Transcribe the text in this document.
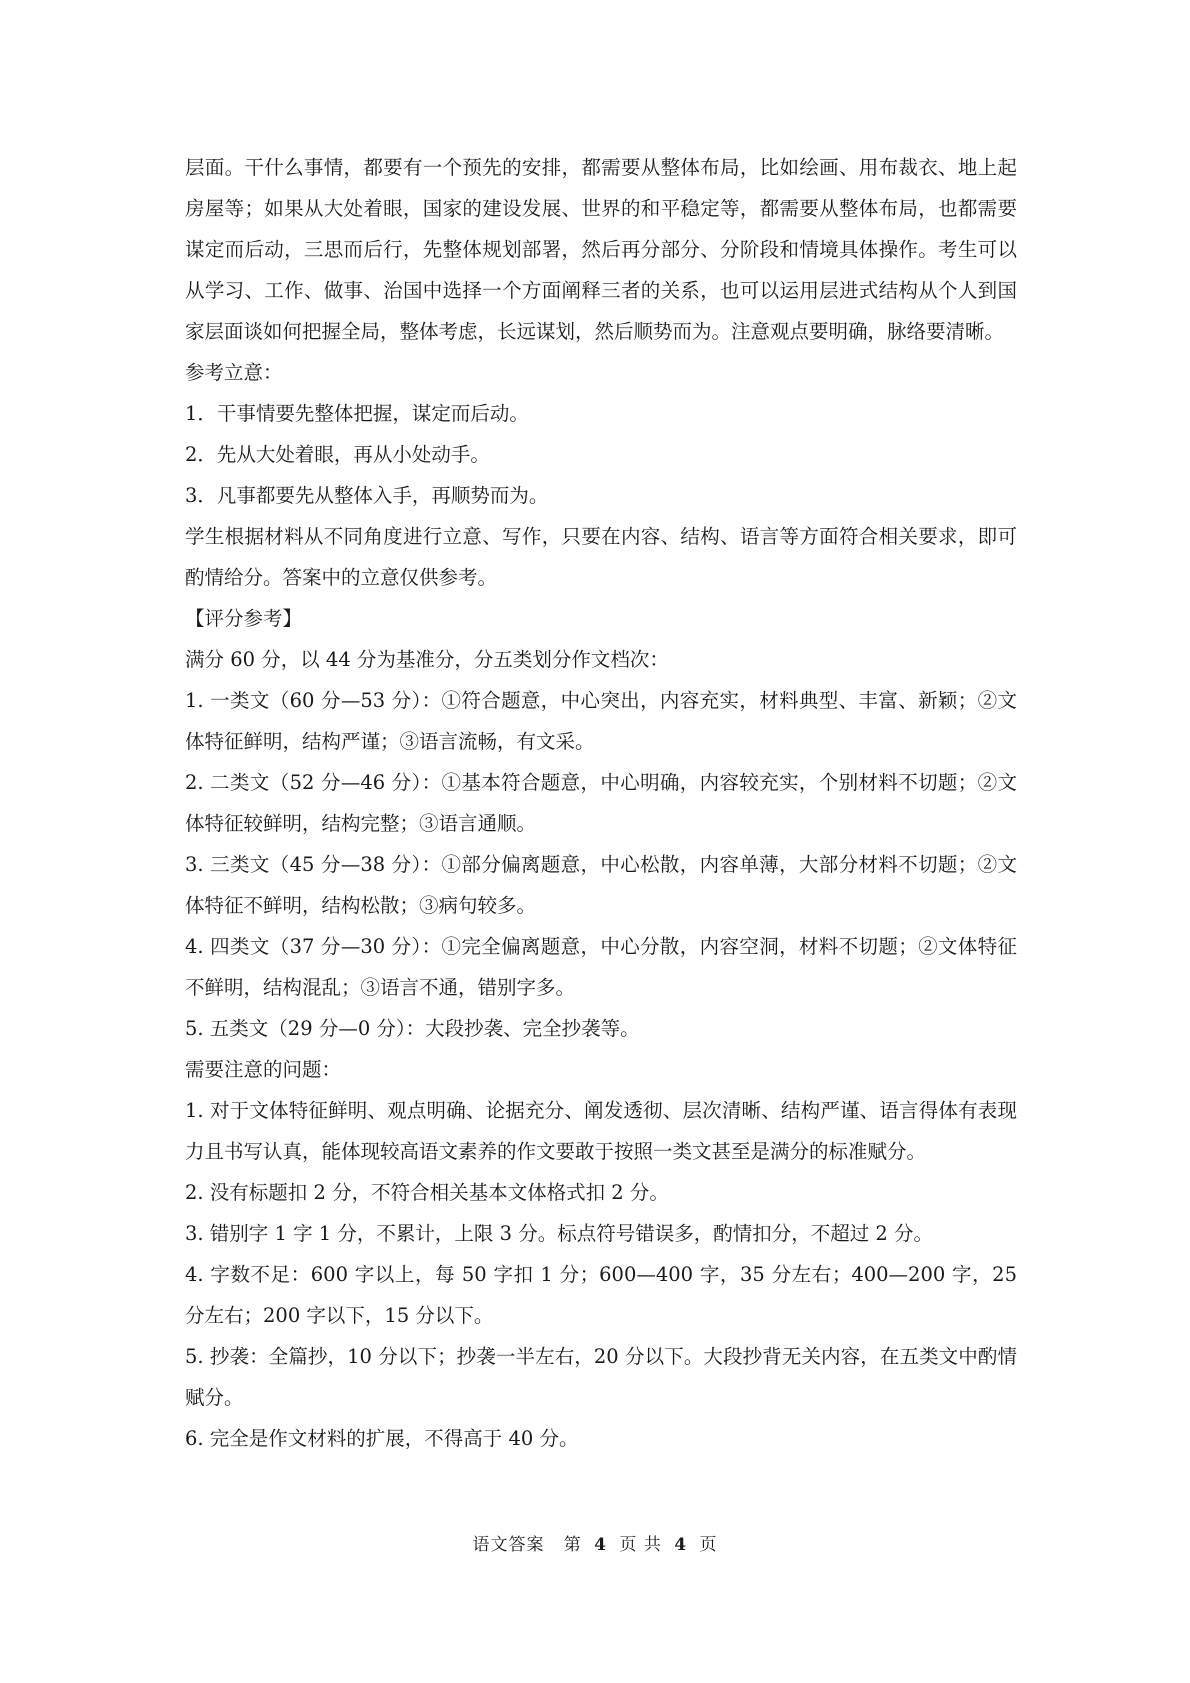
层面。干什么事情，都要有一个预先的安排，都需要从整体布局，比如绘画、用布裁衣、地上起房屋等；如果从大处着眼，国家的建设发展、世界的和平稳定等，都需要从整体布局，也都需要谋定而后动，三思而后行，先整体规划部署，然后再分部分、分阶段和情境具体操作。考生可以从学习、工作、做事、治国中选择一个方面阐释三者的关系，也可以运用层进式结构从个人到国家层面谈如何把握全局，整体考虑，长远谋划，然后顺势而为。注意观点要明确，脉络要清晰。

参考立意：

1．干事情要先整体把握，谋定而后动。

2．先从大处着眼，再从小处动手。

3．凡事都要先从整体入手，再顺势而为。

学生根据材料从不同角度进行立意、写作，只要在内容、结构、语言等方面符合相关要求，即可酌情给分。答案中的立意仅供参考。

【评分参考】

满分 60 分，以 44 分为基准分，分五类划分作文档次：

1. 一类文（60 分—53 分）：①符合题意，中心突出，内容充实，材料典型、丰富、新颖；②文体特征鲜明，结构严谨；③语言流畅，有文采。

2. 二类文（52 分—46 分）：①基本符合题意，中心明确，内容较充实，个别材料不切题；②文体特征较鲜明，结构完整；③语言通顺。

3. 三类文（45 分—38 分）：①部分偏离题意，中心松散，内容单薄，大部分材料不切题；②文体特征不鲜明，结构松散；③病句较多。

4. 四类文（37 分—30 分）：①完全偏离题意，中心分散，内容空洞，材料不切题；②文体特征不鲜明，结构混乱；③语言不通，错别字多。

5. 五类文（29 分—0 分）：大段抄袭、完全抄袭等。

需要注意的问题：

1. 对于文体特征鲜明、观点明确、论据充分、阐发透彻、层次清晰、结构严谨、语言得体有表现力且书写认真，能体现较高语文素养的作文要敢于按照一类文甚至是满分的标准赋分。

2. 没有标题扣 2 分，不符合相关基本文体格式扣 2 分。

3. 错别字 1 字 1 分，不累计，上限 3 分。标点符号错误多，酌情扣分，不超过 2 分。

4. 字数不足：600 字以上，每 50 字扣 1 分；600—400 字，35 分左右；400—200 字，25 分左右；200 字以下，15 分以下。

5. 抄袭：全篇抄，10 分以下；抄袭一半左右，20 分以下。大段抄背无关内容，在五类文中酌情赋分。

6. 完全是作文材料的扩展，不得高于 40 分。

语文答案 第 4 页 共 4 页
